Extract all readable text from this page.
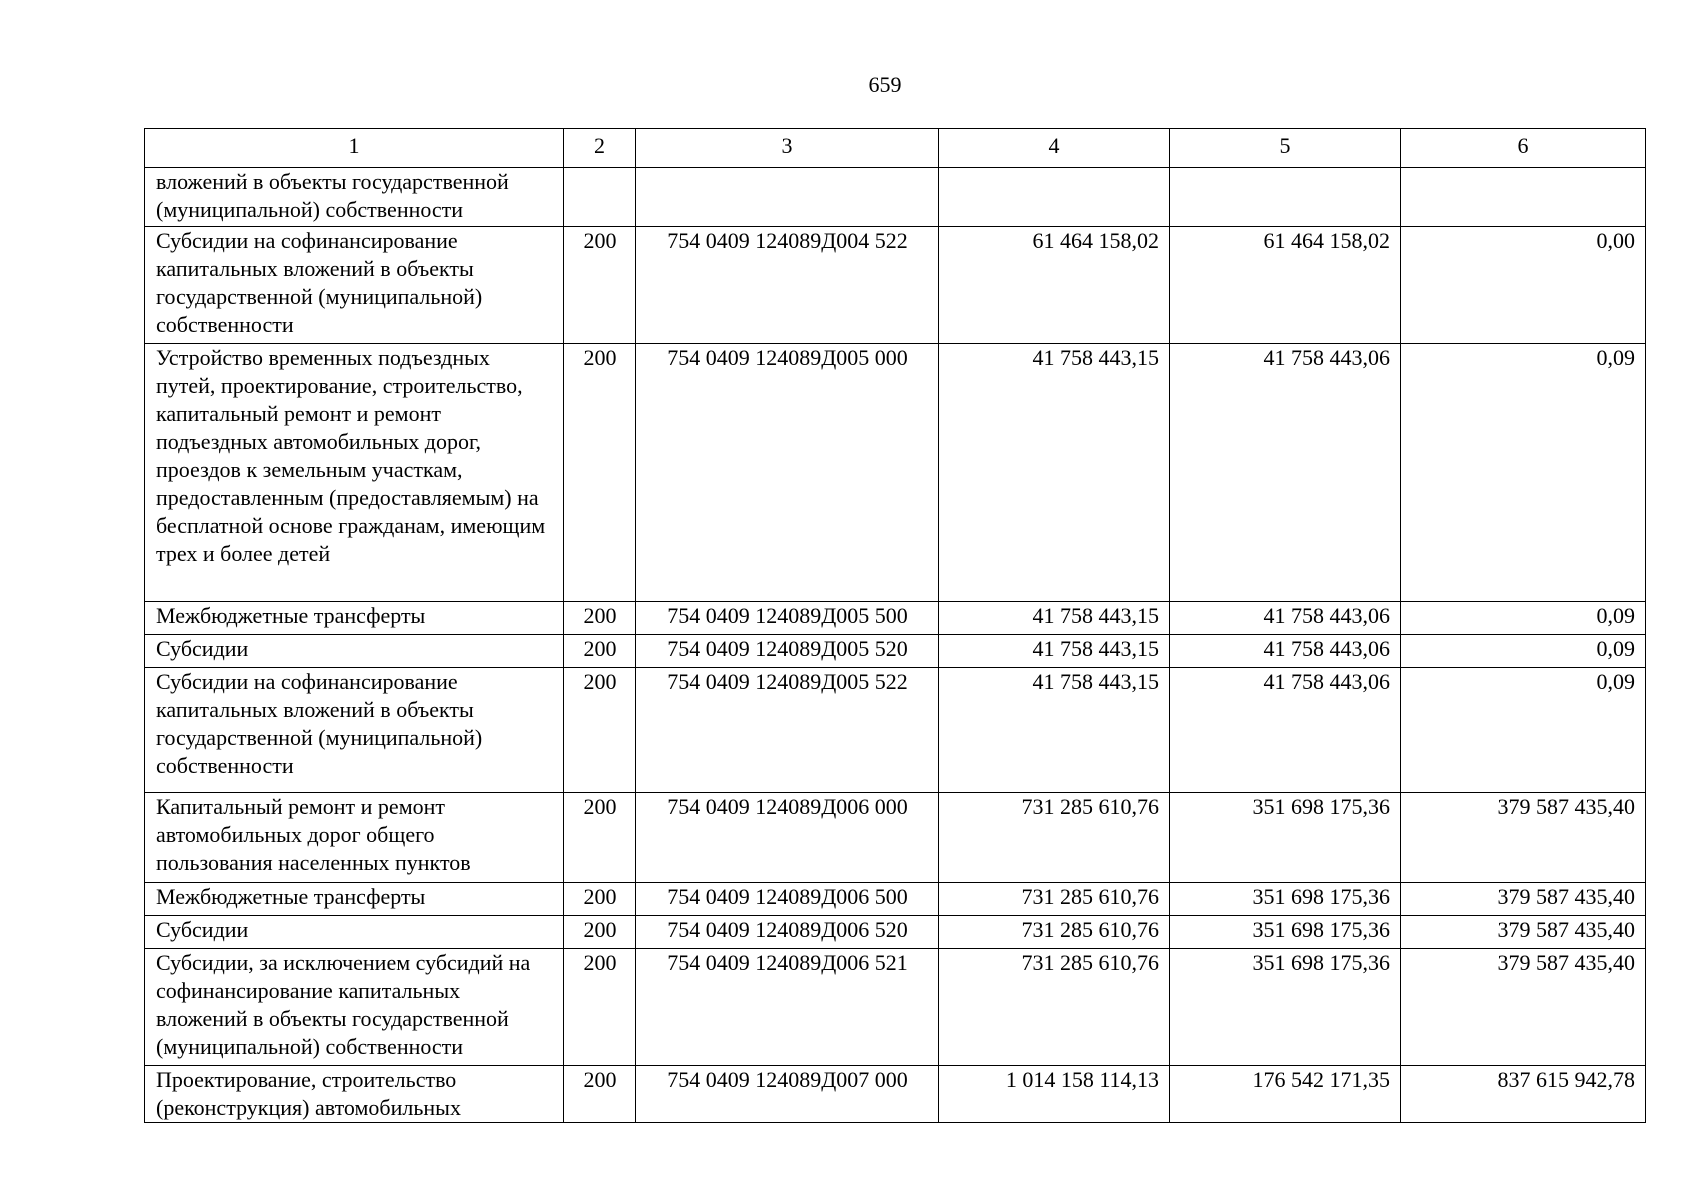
659
1	2	3	4	5	6
вложений в объекты государственной (муниципальной) собственности					
Субсидии на софинансирование капитальных вложений в объекты государственной (муниципальной) собственности	200	754 0409 124089Д004 522	61 464 158,02	61 464 158,02	0,00
Устройство временных подъездных путей, проектирование, строительство, капитальный ремонт и ремонт подъездных автомобильных дорог, проездов к земельным участкам, предоставленным (предоставляемым) на бесплатной основе гражданам, имеющим трех и более детей	200	754 0409 124089Д005 000	41 758 443,15	41 758 443,06	0,09
Межбюджетные трансферты	200	754 0409 124089Д005 500	41 758 443,15	41 758 443,06	0,09
Субсидии	200	754 0409 124089Д005 520	41 758 443,15	41 758 443,06	0,09
Субсидии на софинансирование капитальных вложений в объекты государственной (муниципальной) собственности	200	754 0409 124089Д005 522	41 758 443,15	41 758 443,06	0,09
Капитальный ремонт и ремонт автомобильных дорог общего пользования населенных пунктов	200	754 0409 124089Д006 000	731 285 610,76	351 698 175,36	379 587 435,40
Межбюджетные трансферты	200	754 0409 124089Д006 500	731 285 610,76	351 698 175,36	379 587 435,40
Субсидии	200	754 0409 124089Д006 520	731 285 610,76	351 698 175,36	379 587 435,40
Субсидии, за исключением субсидий на софинансирование капитальных вложений в объекты государственной (муниципальной) собственности	200	754 0409 124089Д006 521	731 285 610,76	351 698 175,36	379 587 435,40
Проектирование, строительство (реконструкция) автомобильных	200	754 0409 124089Д007 000	1 014 158 114,13	176 542 171,35	837 615 942,78
